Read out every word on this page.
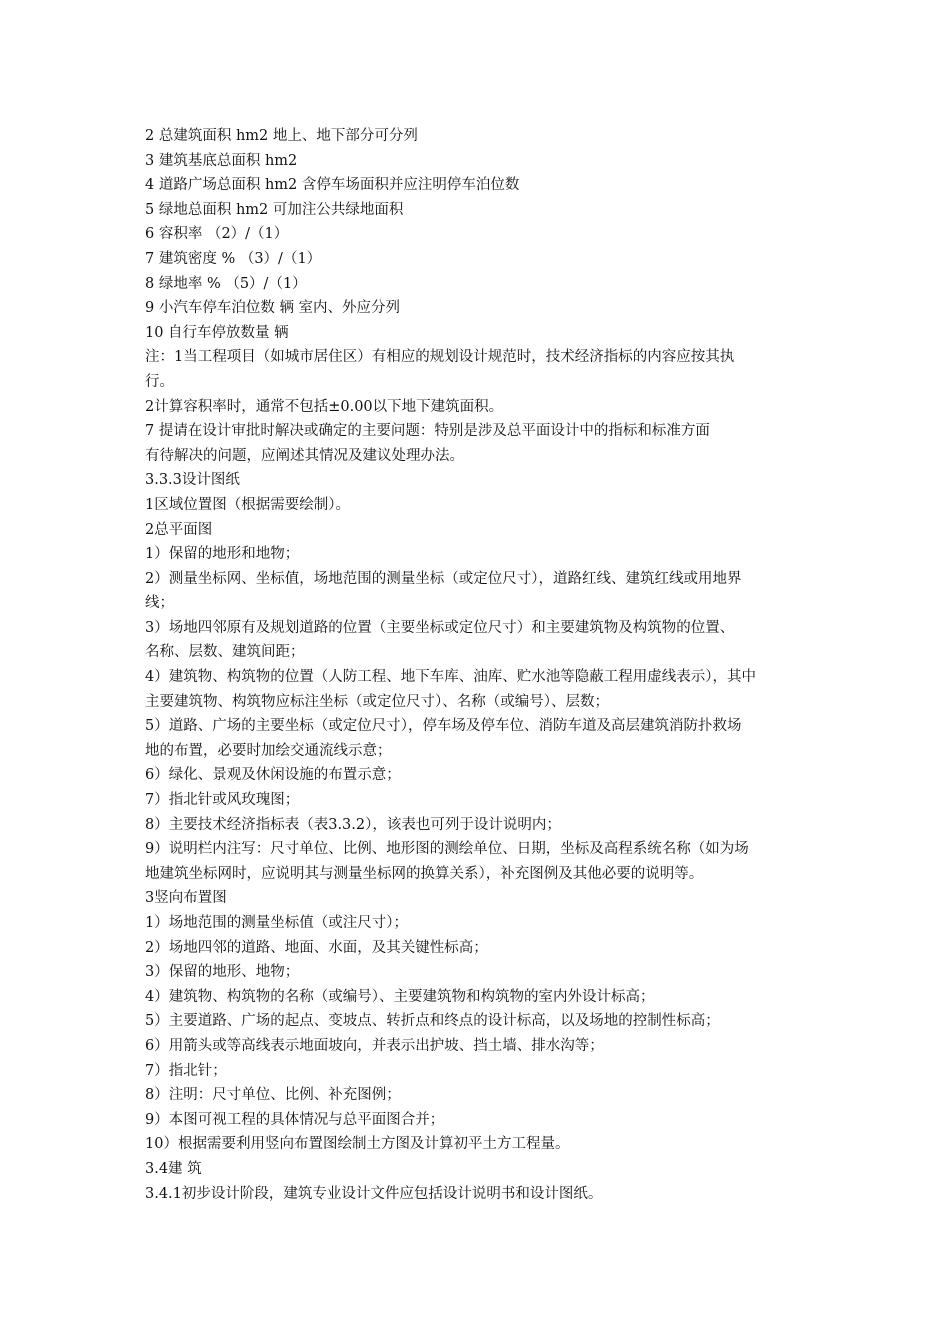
2 总建筑面积 hm2 地上、地下部分可分列

3 建筑基底总面积 hm2

4 道路广场总面积 hm2 含停车场面积并应注明停车泊位数

5 绿地总面积 hm2 可加注公共绿地面积

6 容积率 （2）/（1）

7 建筑密度 % （3）/（1）

8 绿地率 % （5）/（1）

9 小汽车停车泊位数 辆 室内、外应分列

10 自行车停放数量 辆

注：1当工程项目（如城市居住区）有相应的规划设计规范时，技术经济指标的内容应按其执

行。

2计算容积率时，通常不包括±0.00以下地下建筑面积。

7 提请在设计审批时解决或确定的主要问题：特别是涉及总平面设计中的指标和标准方面

有待解决的问题，应阐述其情况及建议处理办法。

3.3.3设计图纸

1区域位置图（根据需要绘制）。

2总平面图

1）保留的地形和地物；

2）测量坐标网、坐标值，场地范围的测量坐标（或定位尺寸），道路红线、建筑红线或用地界

线；

3）场地四邻原有及规划道路的位置（主要坐标或定位尺寸）和主要建筑物及构筑物的位置、

名称、层数、建筑间距；

4）建筑物、构筑物的位置（人防工程、地下车库、油库、贮水池等隐蔽工程用虚线表示），其中

主要建筑物、构筑物应标注坐标（或定位尺寸）、名称（或编号）、层数；

5）道路、广场的主要坐标（或定位尺寸），停车场及停车位、消防车道及高层建筑消防扑救场

地的布置，必要时加绘交通流线示意；

6）绿化、景观及休闲设施的布置示意；

7）指北针或风玫瑰图；

8）主要技术经济指标表（表3.3.2），该表也可列于设计说明内；

9）说明栏内注写：尺寸单位、比例、地形图的测绘单位、日期，坐标及高程系统名称（如为场

地建筑坐标网时，应说明其与测量坐标网的换算关系），补充图例及其他必要的说明等。

3竖向布置图

1）场地范围的测量坐标值（或注尺寸）；

2）场地四邻的道路、地面、水面，及其关键性标高；

3）保留的地形、地物；

4）建筑物、构筑物的名称（或编号）、主要建筑物和构筑物的室内外设计标高；

5）主要道路、广场的起点、变坡点、转折点和终点的设计标高，以及场地的控制性标高；

6）用箭头或等高线表示地面坡向，并表示出护坡、挡土墙、排水沟等；

7）指北针；

8）注明：尺寸单位、比例、补充图例；

9）本图可视工程的具体情况与总平面图合并；

10）根据需要利用竖向布置图绘制土方图及计算初平土方工程量。

3.4建 筑

3.4.1初步设计阶段，建筑专业设计文件应包括设计说明书和设计图纸。
